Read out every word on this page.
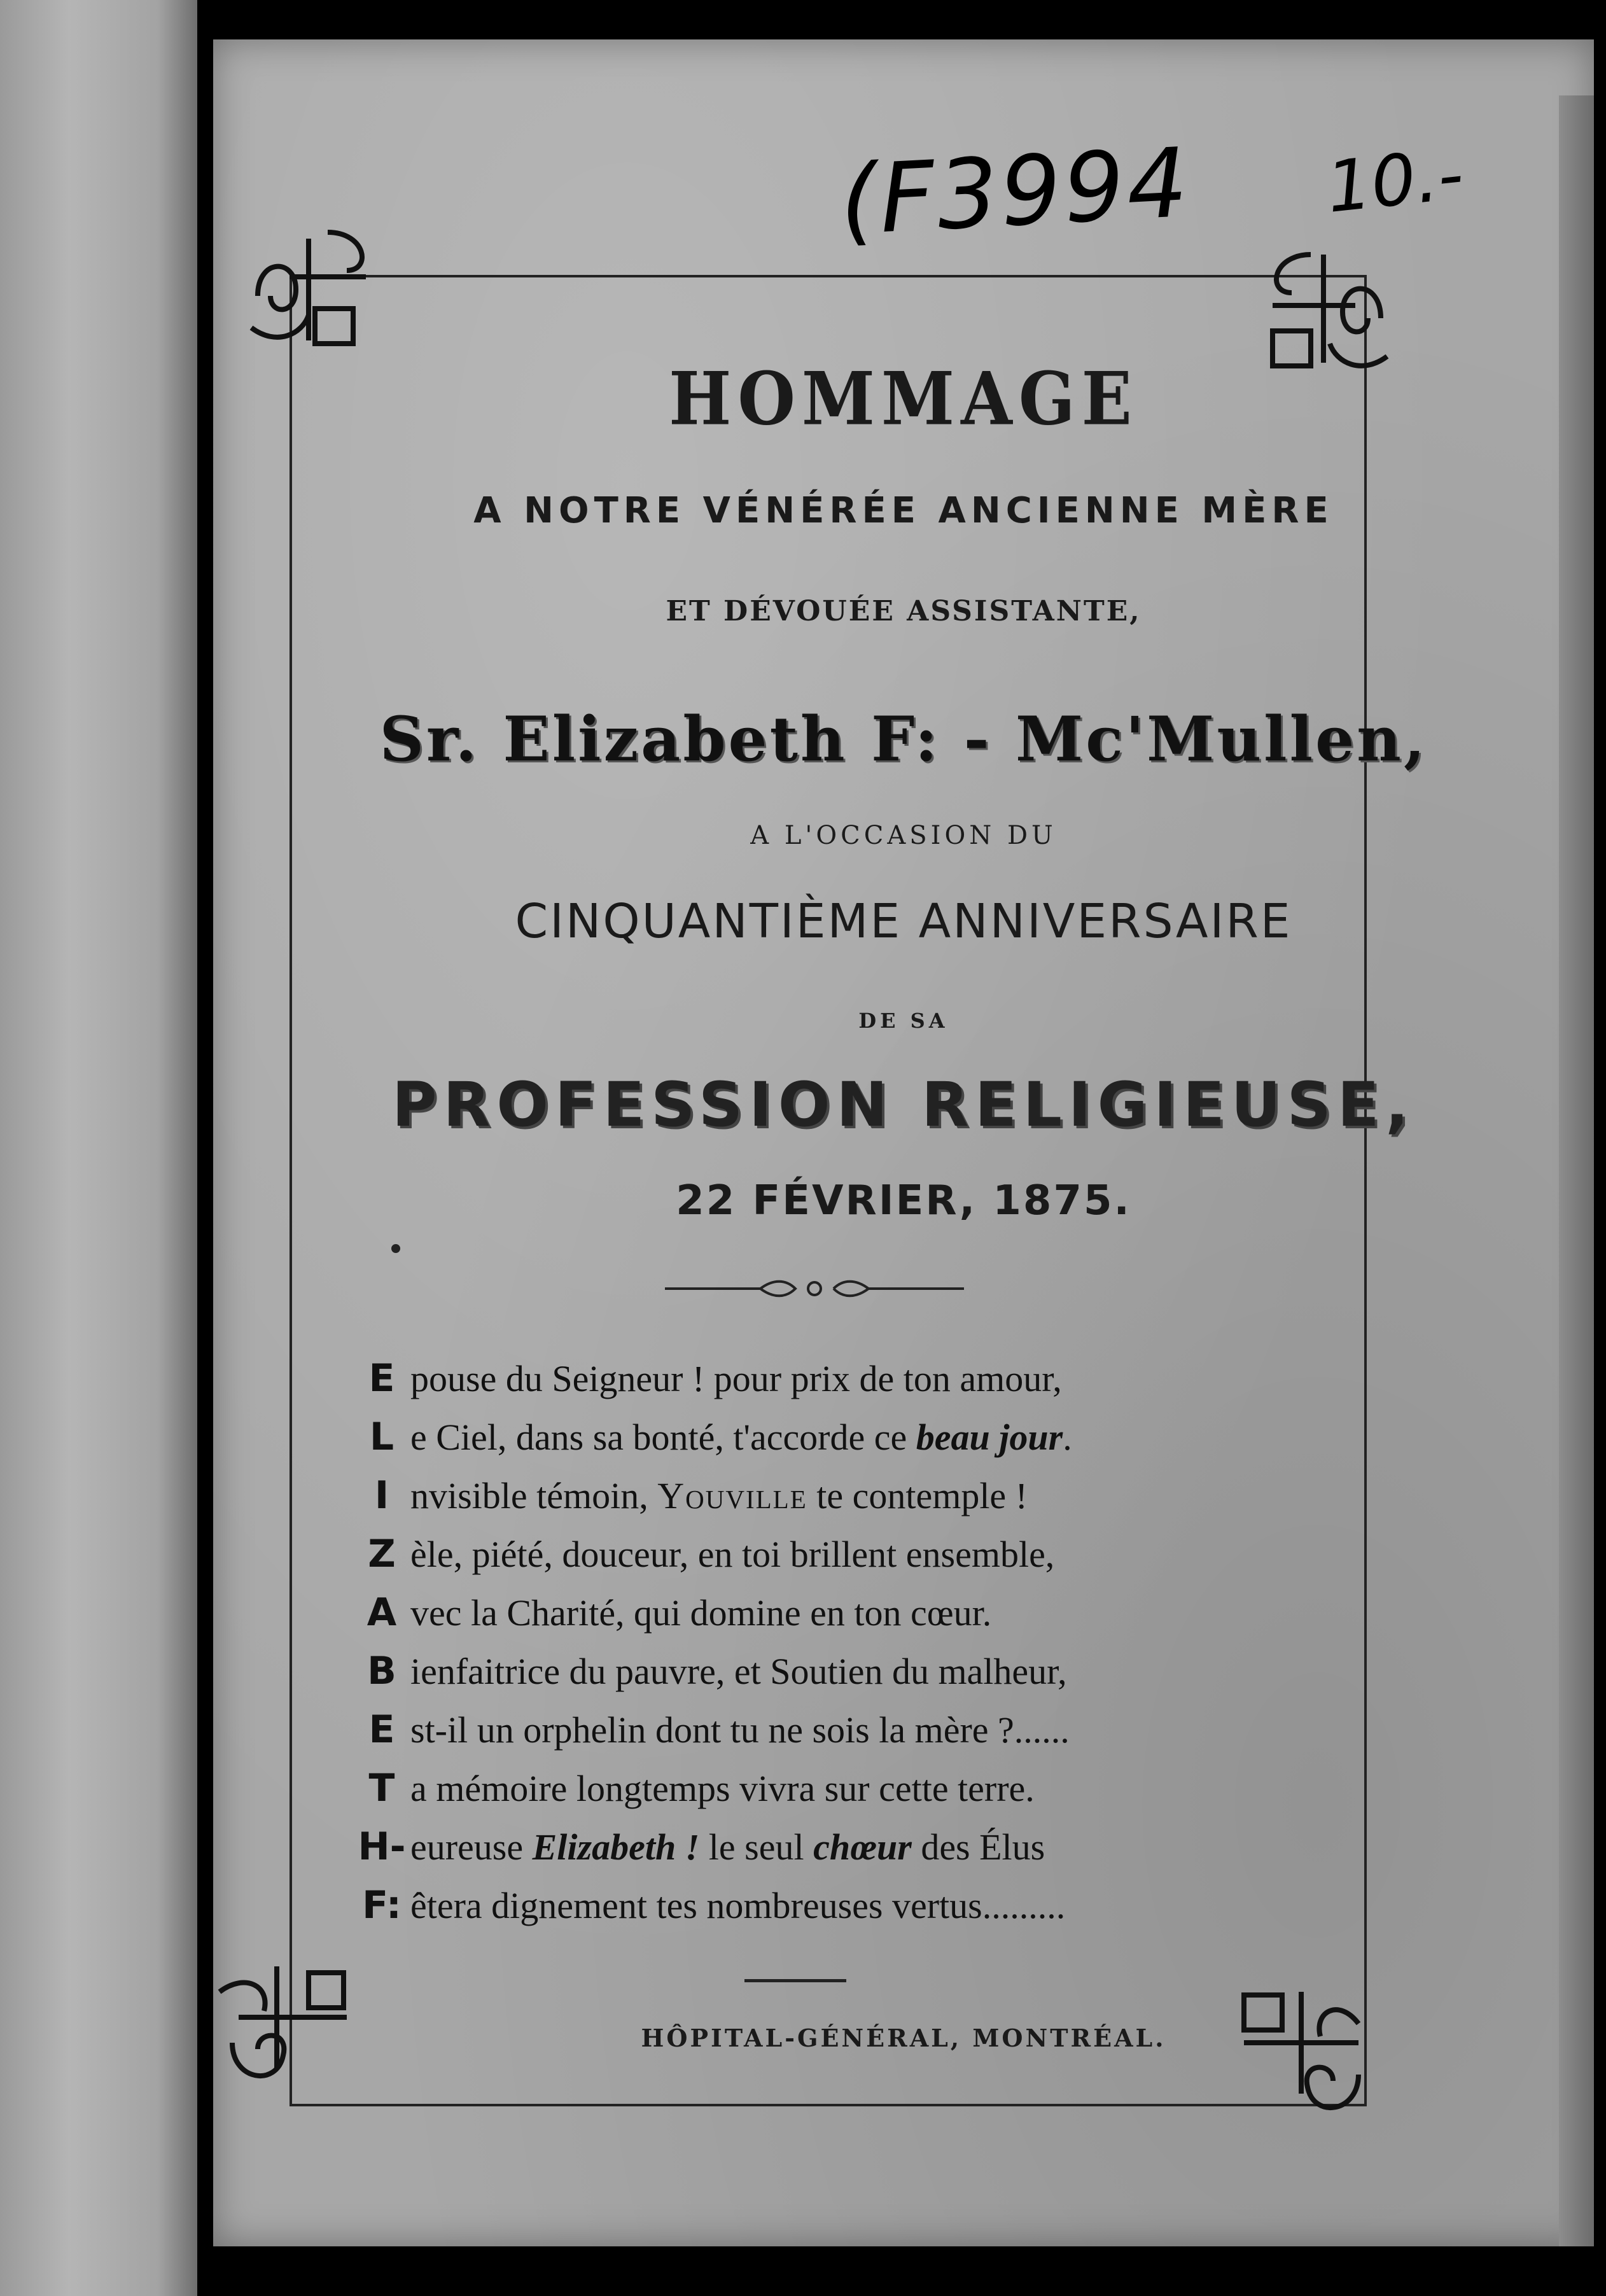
(F3994 10.-
HOMMAGE
A NOTRE VÉNÉRÉE ANCIENNE MÈRE
ET DÉVOUÉE ASSISTANTE,
Sr. Elizabeth F: - Mc'Mullen,
A L'OCCASION DU
CINQUANTIÈME ANNIVERSAIRE
DE SA
PROFESSION RELIGIEUSE,
22 FÉVRIER, 1875.
E pouse du Seigneur ! pour prix de ton amour,
L e Ciel, dans sa bonté, t'accorde ce beau jour.
I nvisible témoin, Youville te contemple !
Z èle, piété, douceur, en toi brillent ensemble,
A vec la Charité, qui domine en ton cœur.
B ienfaitrice du pauvre, et Soutien du malheur,
E st-il un orphelin dont tu ne sois la mère ?......
T a mémoire longtemps vivra sur cette terre.
H- eureuse Elizabeth ! le seul chœur des Élus
F: êtera dignement tes nombreuses vertus.........
HÔPITAL-GÉNÉRAL, MONTRÉAL.
